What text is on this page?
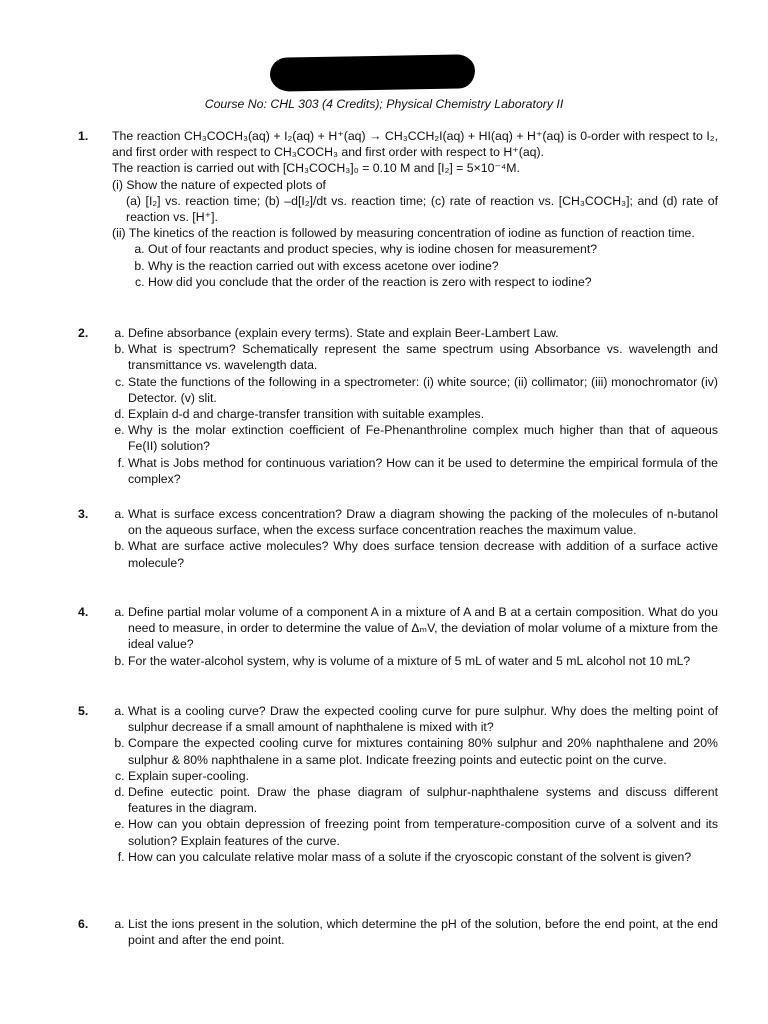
Course No: CHL 303 (4 Credits); Physical Chemistry Laboratory II
1. The reaction CH₃COCH₃(aq) + I₂(aq) + H⁺(aq) → CH₃CCH₂I(aq) + HI(aq) + H⁺(aq) is 0-order with respect to I₂, and first order with respect to CH₃COCH₃ and first order with respect to H⁺(aq).

The reaction is carried out with [CH₃COCH₃]₀ = 0.10 M and [I₂] = 5×10⁻⁴M.

(i) Show the nature of expected plots of

(a) [I₂] vs. reaction time; (b) –d[I₂]/dt vs. reaction time; (c) rate of reaction vs. [CH₃COCH₃]; and (d) rate of reaction vs. [H⁺].

(ii) The kinetics of the reaction is followed by measuring concentration of iodine as function of reaction time.

a. Out of four reactants and product species, why is iodine chosen for measurement?
b. Why is the reaction carried out with excess acetone over iodine?
c. How did you conclude that the order of the reaction is zero with respect to iodine?
2.	a. Define absorbance (explain every terms). State and explain Beer-Lambert Law.
b. What is spectrum? Schematically represent the same spectrum using Absorbance vs. wavelength and transmittance vs. wavelength data.
c. State the functions of the following in a spectrometer: (i) white source; (ii) collimator; (iii) monochromator (iv) Detector. (v) slit.
d. Explain d-d and charge-transfer transition with suitable examples.
e. Why is the molar extinction coefficient of Fe-Phenanthroline complex much higher than that of aqueous Fe(II) solution?
f. What is Jobs method for continuous variation? How can it be used to determine the empirical formula of the complex?
3.	a. What is surface excess concentration? Draw a diagram showing the packing of the molecules of n-butanol on the aqueous surface, when the excess surface concentration reaches the maximum value.
b. What are surface active molecules? Why does surface tension decrease with addition of a surface active molecule?
4.	a. Define partial molar volume of a component A in a mixture of A and B at a certain composition. What do you need to measure, in order to determine the value of ΔₘV, the deviation of molar volume of a mixture from the ideal value?
b. For the water-alcohol system, why is volume of a mixture of 5 mL of water and 5 mL alcohol not 10 mL?
5.	a. What is a cooling curve? Draw the expected cooling curve for pure sulphur. Why does the melting point of sulphur decrease if a small amount of naphthalene is mixed with it?
b. Compare the expected cooling curve for mixtures containing 80% sulphur and 20% naphthalene and 20% sulphur & 80% naphthalene in a same plot. Indicate freezing points and eutectic point on the curve.
c. Explain super-cooling.
d. Define eutectic point. Draw the phase diagram of sulphur-naphthalene systems and discuss different features in the diagram.
e. How can you obtain depression of freezing point from temperature-composition curve of a solvent and its solution? Explain features of the curve.
f. How can you calculate relative molar mass of a solute if the cryoscopic constant of the solvent is given?
6.	a. List the ions present in the solution, which determine the pH of the solution, before the end point, at the end point and after the end point.
